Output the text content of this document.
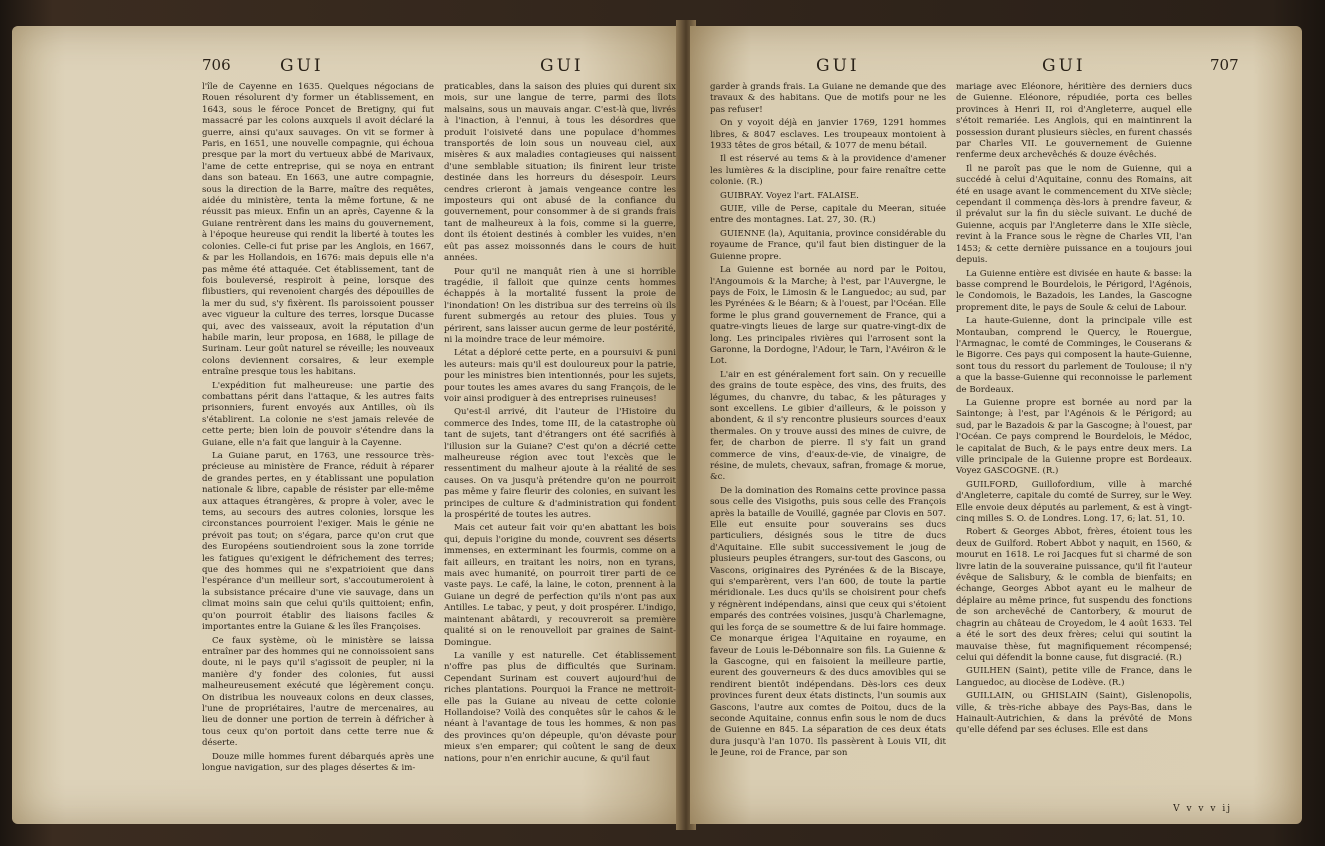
706	GUI	GUI

l'île de Cayenne en 1635. Quelques négocians de Rouen résolurent d'y former un établissement, en 1643, sous le féroce Poncet de Bretigny, qui fut massacré par les colons auxquels il avoit déclaré la guerre, ainsi qu'aux sauvages. On vit se former à Paris, en 1651, une nouvelle compagnie, qui échoua presque par la mort du vertueux abbé de Marivaux, l'ame de cette entreprise, qui se noya en entrant dans son bateau. En 1663, une autre compagnie, sous la direction de la Barre, maître des requêtes, aidée du ministère, tenta la même fortune, & ne réussit pas mieux. Enfin un an après, Cayenne & la Guiane rentrèrent dans les mains du gouvernement, à l'époque heureuse qui rendit la liberté à toutes les colonies. Celle-ci fut prise par les Anglois, en 1667, & par les Hollandois, en 1676: mais depuis elle n'a pas même été attaquée. Cet établissement, tant de fois bouleversé, respiroit à peine, lorsque des flibustiers, qui revenoient chargés des dépouilles de la mer du sud, s'y fixèrent. Ils paroissoient pousser avec vigueur la culture des terres, lorsque Ducasse qui, avec des vaisseaux, avoit la réputation d'un habile marin, leur proposa, en 1688, le pillage de Surinam. Leur goût naturel se réveille; les nouveaux colons deviennent corsaires, & leur exemple entraîne presque tous les habitans.

L'expédition fut malheureuse: une partie des combattans périt dans l'attaque, & les autres faits prisonniers, furent envoyés aux Antilles, où ils s'établirent. La colonie ne s'est jamais relevée de cette perte; bien loin de pouvoir s'étendre dans la Guiane, elle n'a fait que languir à la Cayenne.

La Guiane parut, en 1763, une ressource très-précieuse au ministère de France, réduit à réparer de grandes pertes, en y établissant une population nationale & libre, capable de résister par elle-même aux attaques étrangères, & propre à voler, avec le tems, au secours des autres colonies, lorsque les circonstances pourroient l'exiger. Mais le génie ne prévoit pas tout; on s'égara, parce qu'on crut que des Européens soutiendroient sous la zone torride les fatigues qu'exigent le défrichement des terres; que des hommes qui ne s'expatrioient que dans l'espérance d'un meilleur sort, s'accoutumeroient à la subsistance précaire d'une vie sauvage, dans un climat moins sain que celui qu'ils quittoient; enfin, qu'on pourroit établir des liaisons faciles & importantes entre la Guiane & les îles Françoises.

Ce faux système, où le ministère se laissa entraîner par des hommes qui ne connoissoient sans doute, ni le pays qu'il s'agissoit de peupler, ni la manière d'y fonder des colonies, fut aussi malheureusement exécuté que légèrement conçu. On distribua les nouveaux colons en deux classes, l'une de propriétaires, l'autre de mercenaires, au lieu de donner une portion de terrein à défricher à tous ceux qu'on portoit dans cette terre nue & déserte.

Douze mille hommes furent débarqués après une longue navigation, sur des plages désertes & im-

praticables, dans la saison des pluies qui durent six mois, sur une langue de terre, parmi des îlots malsains, sous un mauvais angar. C'est-là que, livrés à l'inaction, à l'ennui, à tous les désordres que produit l'oisiveté dans une populace d'hommes transportés de loin sous un nouveau ciel, aux misères & aux maladies contagieuses qui naissent d'une semblable situation; ils finirent leur triste destinée dans les horreurs du désespoir. Leurs cendres crieront à jamais vengeance contre les imposteurs qui ont abusé de la confiance du gouvernement, pour consommer à de si grands frais tant de malheureux à la fois, comme si la guerre, dont ils étoient destinés à combler les vuides, n'en eût pas assez moissonnés dans le cours de huit années.

Pour qu'il ne manquât rien à une si horrible tragédie, il falloit que quinze cents hommes échappés à la mortalité fussent la proie de l'inondation! On les distribua sur des terreins où ils furent submergés au retour des pluies. Tous y périrent, sans laisser aucun germe de leur postérité, ni la moindre trace de leur mémoire.

Létat a déploré cette perte, en a poursuivi & puni les auteurs: mais qu'il est douloureux pour la patrie, pour les ministres bien intentionnés, pour les sujets, pour toutes les ames avares du sang François, de le voir ainsi prodiguer à des entreprises ruineuses!

Qu'est-il arrivé, dit l'auteur de l'Histoire du commerce des Indes, tome III, de la catastrophe où tant de sujets, tant d'étrangers ont été sacrifiés à l'illusion sur la Guiane? C'est qu'on a décrié cette malheureuse région avec tout l'excès que le ressentiment du malheur ajoute à la réalité de ses causes. On va jusqu'à prétendre qu'on ne pourroit pas même y faire fleurir des colonies, en suivant les principes de culture & d'administration qui fondent la prospérité de toutes les autres.

Mais cet auteur fait voir qu'en abattant les bois qui, depuis l'origine du monde, couvrent ses déserts immenses, en exterminant les fourmis, comme on a fait ailleurs, en traitant les noirs, non en tyrans, mais avec humanité, on pourroit tirer parti de ce vaste pays. Le café, la laine, le coton, prennent à la Guiane un degré de perfection qu'ils n'ont pas aux Antilles. Le tabac, y peut, y doit prospérer. L'indigo, maintenant abâtardi, y recouvreroit sa première qualité si on le renouvelloit par graines de Saint-Domingue.

La vanille y est naturelle. Cet établissement n'offre pas plus de difficultés que Surinam. Cependant Surinam est couvert aujourd'hui de riches plantations. Pourquoi la France ne mettroit-elle pas la Guiane au niveau de cette colonie Hollandoise? Voilà des conquêtes sûr le cahos & le néant à l'avantage de tous les hommes, & non pas des provinces qu'on dépeuple, qu'on dévaste pour mieux s'en emparer; qui coûtent le sang de deux nations, pour n'en enrichir aucune, & qu'il faut

GUI	GUI	707

garder à grands frais. La Guiane ne demande que des travaux & des habitans. Que de motifs pour ne les pas refuser!

On y voyoit déjà en janvier 1769, 1291 hommes libres, & 8047 esclaves. Les troupeaux montoient à 1933 têtes de gros bétail, & 1077 de menu bétail.

Il est réservé au tems & à la providence d'amener les lumières & la discipline, pour faire renaître cette colonie. (R.)

GUIBRAY. Voyez l'art. FALAISE.

GUIE, ville de Perse, capitale du Meeran, située entre des montagnes. Lat. 27, 30. (R.)

GUIENNE (la), Aquitania, province considérable du royaume de France, qu'il faut bien distinguer de la Guienne propre.

La Guienne est bornée au nord par le Poitou, l'Angoumois & la Marche; à l'est, par l'Auvergne, le pays de Foix, le Limosin & le Languedoc; au sud, par les Pyrénées & le Béarn; & à l'ouest, par l'Océan. Elle forme le plus grand gouvernement de France, qui a quatre-vingts lieues de large sur quatre-vingt-dix de long. Les principales rivières qui l'arrosent sont la Garonne, la Dordogne, l'Adour, le Tarn, l'Avéiron & le Lot.

L'air en est généralement fort sain. On y recueille des grains de toute espèce, des vins, des fruits, des légumes, du chanvre, du tabac, & les pâturages y sont excellens. Le gibier d'ailleurs, & le poisson y abondent, & il s'y rencontre plusieurs sources d'eaux thermales. On y trouve aussi des mines de cuivre, de fer, de charbon de pierre. Il s'y fait un grand commerce de vins, d'eaux-de-vie, de vinaigre, de résine, de mulets, chevaux, safran, fromage & morue, &c.

De la domination des Romains cette province passa sous celle des Visigoths, puis sous celle des François après la bataille de Vouillé, gagnée par Clovis en 507. Elle eut ensuite pour souverains ses ducs particuliers, désignés sous le titre de ducs d'Aquitaine. Elle subit successivement le joug de plusieurs peuples étrangers, sur-tout des Gascons, ou Vascons, originaires des Pyrénées & de la Biscaye, qui s'emparèrent, vers l'an 600, de toute la partie méridionale. Les ducs qu'ils se choisirent pour chefs y régnèrent indépendans, ainsi que ceux qui s'étoient emparés des contrées voisines, jusqu'à Charlemagne, qui les força de se soumettre & de lui faire hommage. Ce monarque érigea l'Aquitaine en royaume, en faveur de Louis le-Débonnaire son fils. La Guienne & la Gascogne, qui en faisoient la meilleure partie, eurent des gouverneurs & des ducs amovibles qui se rendirent bientôt indépendans. Dès-lors ces deux provinces furent deux états distincts, l'un soumis aux Gascons, l'autre aux comtes de Poitou, ducs de la seconde Aquitaine, connus enfin sous le nom de ducs de Guienne en 845. La séparation de ces deux états dura jusqu'à l'an 1070. Ils passèrent à Louis VII, dit le Jeune, roi de France, par son

mariage avec Eléonore, héritière des derniers ducs de Guienne. Eléonore, répudiée, porta ces belles provinces à Henri II, roi d'Angleterre, auquel elle s'étoit remariée. Les Anglois, qui en maintinrent la possession durant plusieurs siècles, en furent chassés par Charles VII. Le gouvernement de Guienne renferme deux archevêchés & douze évêchés.

Il ne paroît pas que le nom de Guienne, qui a succédé à celui d'Aquitaine, connu des Romains, ait été en usage avant le commencement du XIVe siècle; cependant il commença dès-lors à prendre faveur, & il prévalut sur la fin du siècle suivant. Le duché de Guienne, acquis par l'Angleterre dans le XIIe siècle, revint à la France sous le règne de Charles VII, l'an 1453; & cette dernière puissance en a toujours joui depuis.

La Guienne entière est divisée en haute & basse: la basse comprend le Bourdelois, le Périgord, l'Agénois, le Condomois, le Bazadois, les Landes, la Gascogne proprement dite, le pays de Soule & celui de Labour.

La haute-Guienne, dont la principale ville est Montauban, comprend le Quercy, le Rouergue, l'Armagnac, le comté de Comminges, le Couserans & le Bigorre. Ces pays qui composent la haute-Guienne, sont tous du ressort du parlement de Toulouse; il n'y a que la basse-Guienne qui reconnoisse le parlement de Bordeaux.

La Guienne propre est bornée au nord par la Saintonge; à l'est, par l'Agénois & le Périgord; au sud, par le Bazadois & par la Gascogne; à l'ouest, par l'Océan. Ce pays comprend le Bourdelois, le Médoc, le capitalat de Buch, & le pays entre deux mers. La ville principale de la Guienne propre est Bordeaux. Voyez GASCOGNE. (R.)

GUILFORD, Guillofordium, ville à marché d'Angleterre, capitale du comté de Surrey, sur le Wey. Elle envoie deux députés au parlement, & est à vingt-cinq milles S. O. de Londres. Long. 17, 6; lat. 51, 10.

Robert & Georges Abbot, frères, étoient tous les deux de Guilford. Robert Abbot y naquit, en 1560, & mourut en 1618. Le roi Jacques fut si charmé de son livre latin de la souveraine puissance, qu'il fit l'auteur évêque de Salisbury, & le combla de bienfaits; en échange, Georges Abbot ayant eu le malheur de déplaire au même prince, fut suspendu des fonctions de son archevêché de Cantorbery, & mourut de chagrin au château de Croyedom, le 4 août 1633. Tel a été le sort des deux frères; celui qui soutint la mauvaise thèse, fut magnifiquement récompensé; celui qui défendit la bonne cause, fut disgracié. (R.)

GUILHEN (Saint), petite ville de France, dans le Languedoc, au diocèse de Lodève. (R.)

GUILLAIN, ou GHISLAIN (Saint), Gislenopolis, ville, & très-riche abbaye des Pays-Bas, dans le Hainault-Autrichien, & dans la prévôté de Mons qu'elle défend par ses écluses. Elle est dans

V v v v ij
